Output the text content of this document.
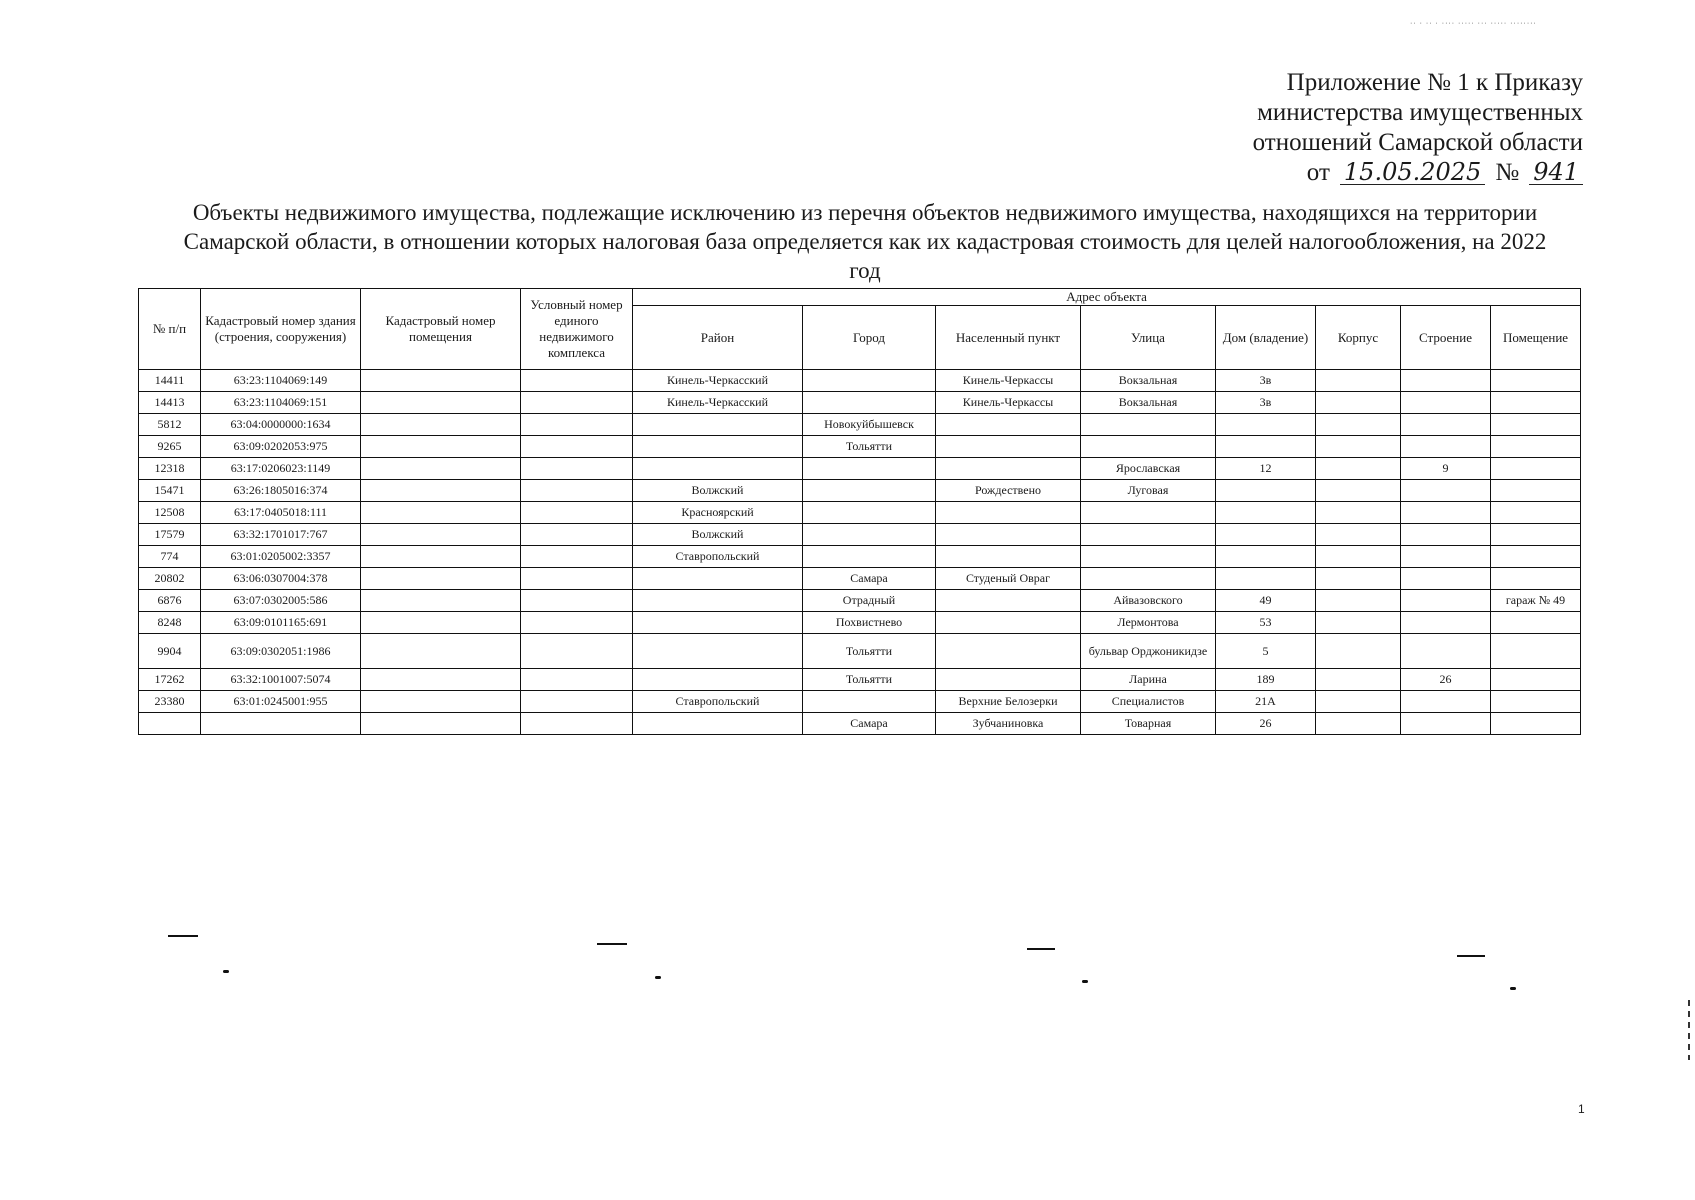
·· · ·· · ···· ····· ··· ····· ········
Приложение № 1 к Приказу
министерства имущественных
отношений Самарской области
от 15.05.2025 № 941
Объекты недвижимого имущества, подлежащие исключению из перечня объектов недвижимого имущества, находящихся на территории Самарской области, в отношении которых налоговая база определяется как их кадастровая стоимость для целей налогообложения, на 2022 год
№ п/п	Кадастровый номер здания (строения, сооружения)	Кадастровый номер помещения	Условный номер единого недвижимого комплекса	Адрес объекта							
				Район	Город	Населенный пункт	Улица	Дом (владение)	Корпус	Строение	Помещение
14411	63:23:1104069:149			Кинель-Черкасский		Кинель-Черкассы	Вокзальная	3в			
14413	63:23:1104069:151			Кинель-Черкасский		Кинель-Черкассы	Вокзальная	3в			
5812	63:04:0000000:1634				Новокуйбышевск						
9265	63:09:0202053:975				Тольятти						
12318	63:17:0206023:1149						Ярославская	12		9	
15471	63:26:1805016:374			Волжский		Рождествено	Луговая				
12508	63:17:0405018:111			Красноярский							
17579	63:32:1701017:767			Волжский							
774	63:01:0205002:3357			Ставропольский							
20802	63:06:0307004:378				Самара	Студеный Овраг					
6876	63:07:0302005:586				Отрадный		Айвазовского	49			гараж № 49
8248	63:09:0101165:691				Похвистнево		Лермонтова	53			
9904	63:09:0302051:1986				Тольятти		бульвар Орджоникидзе	5			
17262	63:32:1001007:5074				Тольятти		Ларина	189		26	
23380	63:01:0245001:955			Ставропольский		Верхние Белозерки	Специалистов	21А			
					Самара	Зубчаниновка	Товарная	26			
1
